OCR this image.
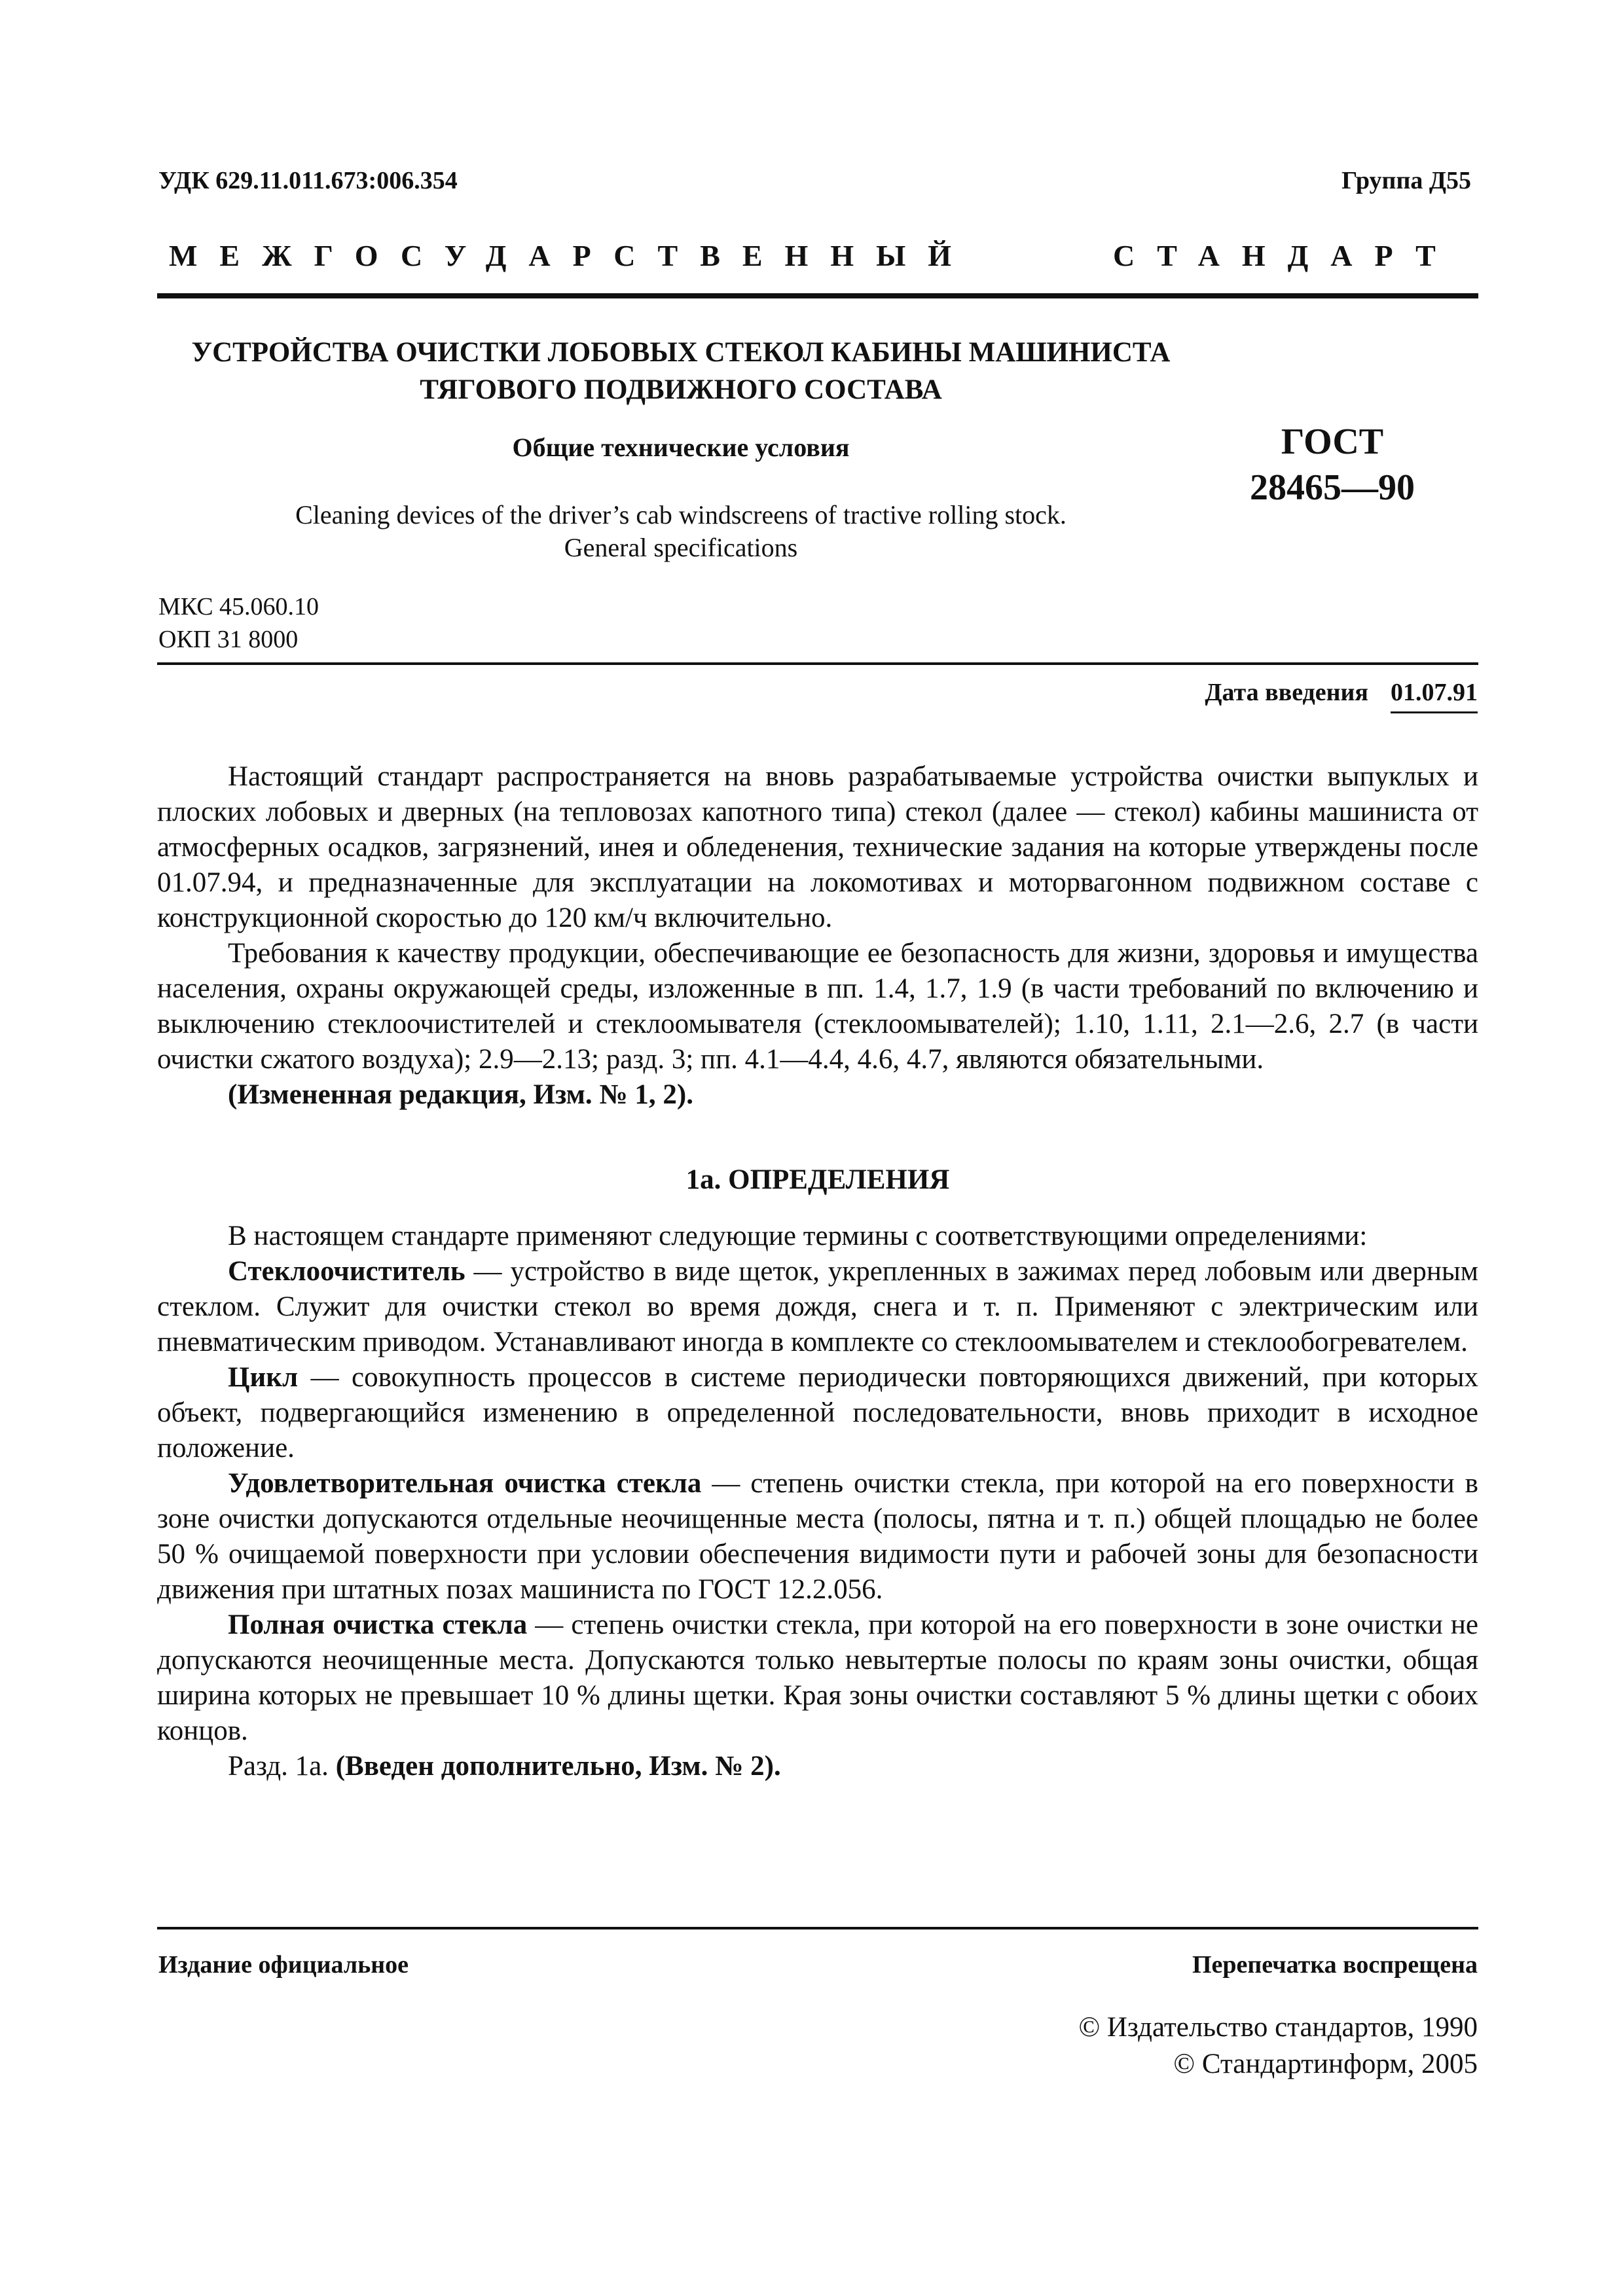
УДК 629.11.011.673:006.354	Группа Д55
МЕЖГОСУДАРСТВЕННЫЙ	СТАНДАРТ
УСТРОЙСТВА ОЧИСТКИ ЛОБОВЫХ СТЕКОЛ КАБИНЫ МАШИНИСТА
ТЯГОВОГО ПОДВИЖНОГО СОСТАВА
Общие технические условия	ГОСТ
28465—90
Cleaning devices of the driver’s cab windscreens of tractive rolling stock.
General specifications
МКС 45.060.10
ОКП 31 8000
Дата введения 01.07.91

Настоящий стандарт распространяется на вновь разрабатываемые устройства очистки выпуклых и плоских лобовых и дверных (на тепловозах капотного типа) стекол (далее — стекол) кабины машиниста от атмосферных осадков, загрязнений, инея и обледенения, технические задания на которые утверждены после 01.07.94, и предназначенные для эксплуатации на локомотивах и моторвагонном подвижном составе с конструкционной скоростью до 120 км/ч включительно.

Требования к качеству продукции, обеспечивающие ее безопасность для жизни, здоровья и имущества населения, охраны окружающей среды, изложенные в пп. 1.4, 1.7, 1.9 (в части требований по включению и выключению стеклоочистителей и стеклоомывателя (стеклоомывателей); 1.10, 1.11, 2.1—2.6, 2.7 (в части очистки сжатого воздуха); 2.9—2.13; разд. 3; пп. 4.1—4.4, 4.6, 4.7, являются обязательными.

(Измененная редакция, Изм. № 1, 2).

1а. ОПРЕДЕЛЕНИЯ

В настоящем стандарте применяют следующие термины с соответствующими определениями:

Стеклоочиститель — устройство в виде щеток, укрепленных в зажимах перед лобовым или дверным стеклом. Служит для очистки стекол во время дождя, снега и т. п. Применяют с электрическим или пневматическим приводом. Устанавливают иногда в комплекте со стеклоомывателем и стеклообогревателем.

Цикл — совокупность процессов в системе периодически повторяющихся движений, при которых объект, подвергающийся изменению в определенной последовательности, вновь приходит в исходное положение.

Удовлетворительная очистка стекла — степень очистки стекла, при которой на его поверхности в зоне очистки допускаются отдельные неочищенные места (полосы, пятна и т. п.) общей площадью не более 50 % очищаемой поверхности при условии обеспечения видимости пути и рабочей зоны для безопасности движения при штатных позах машиниста по ГОСТ 12.2.056.

Полная очистка стекла — степень очистки стекла, при которой на его поверхности в зоне очистки не допускаются неочищенные места. Допускаются только невытертые полосы по краям зоны очистки, общая ширина которых не превышает 10 % длины щетки. Края зоны очистки составляют 5 % длины щетки с обоих концов.

Разд. 1а. (Введен дополнительно, Изм. № 2).

Издание официальное	Перепечатка воспрещена
© Издательство стандартов, 1990
© Стандартинформ, 2005
